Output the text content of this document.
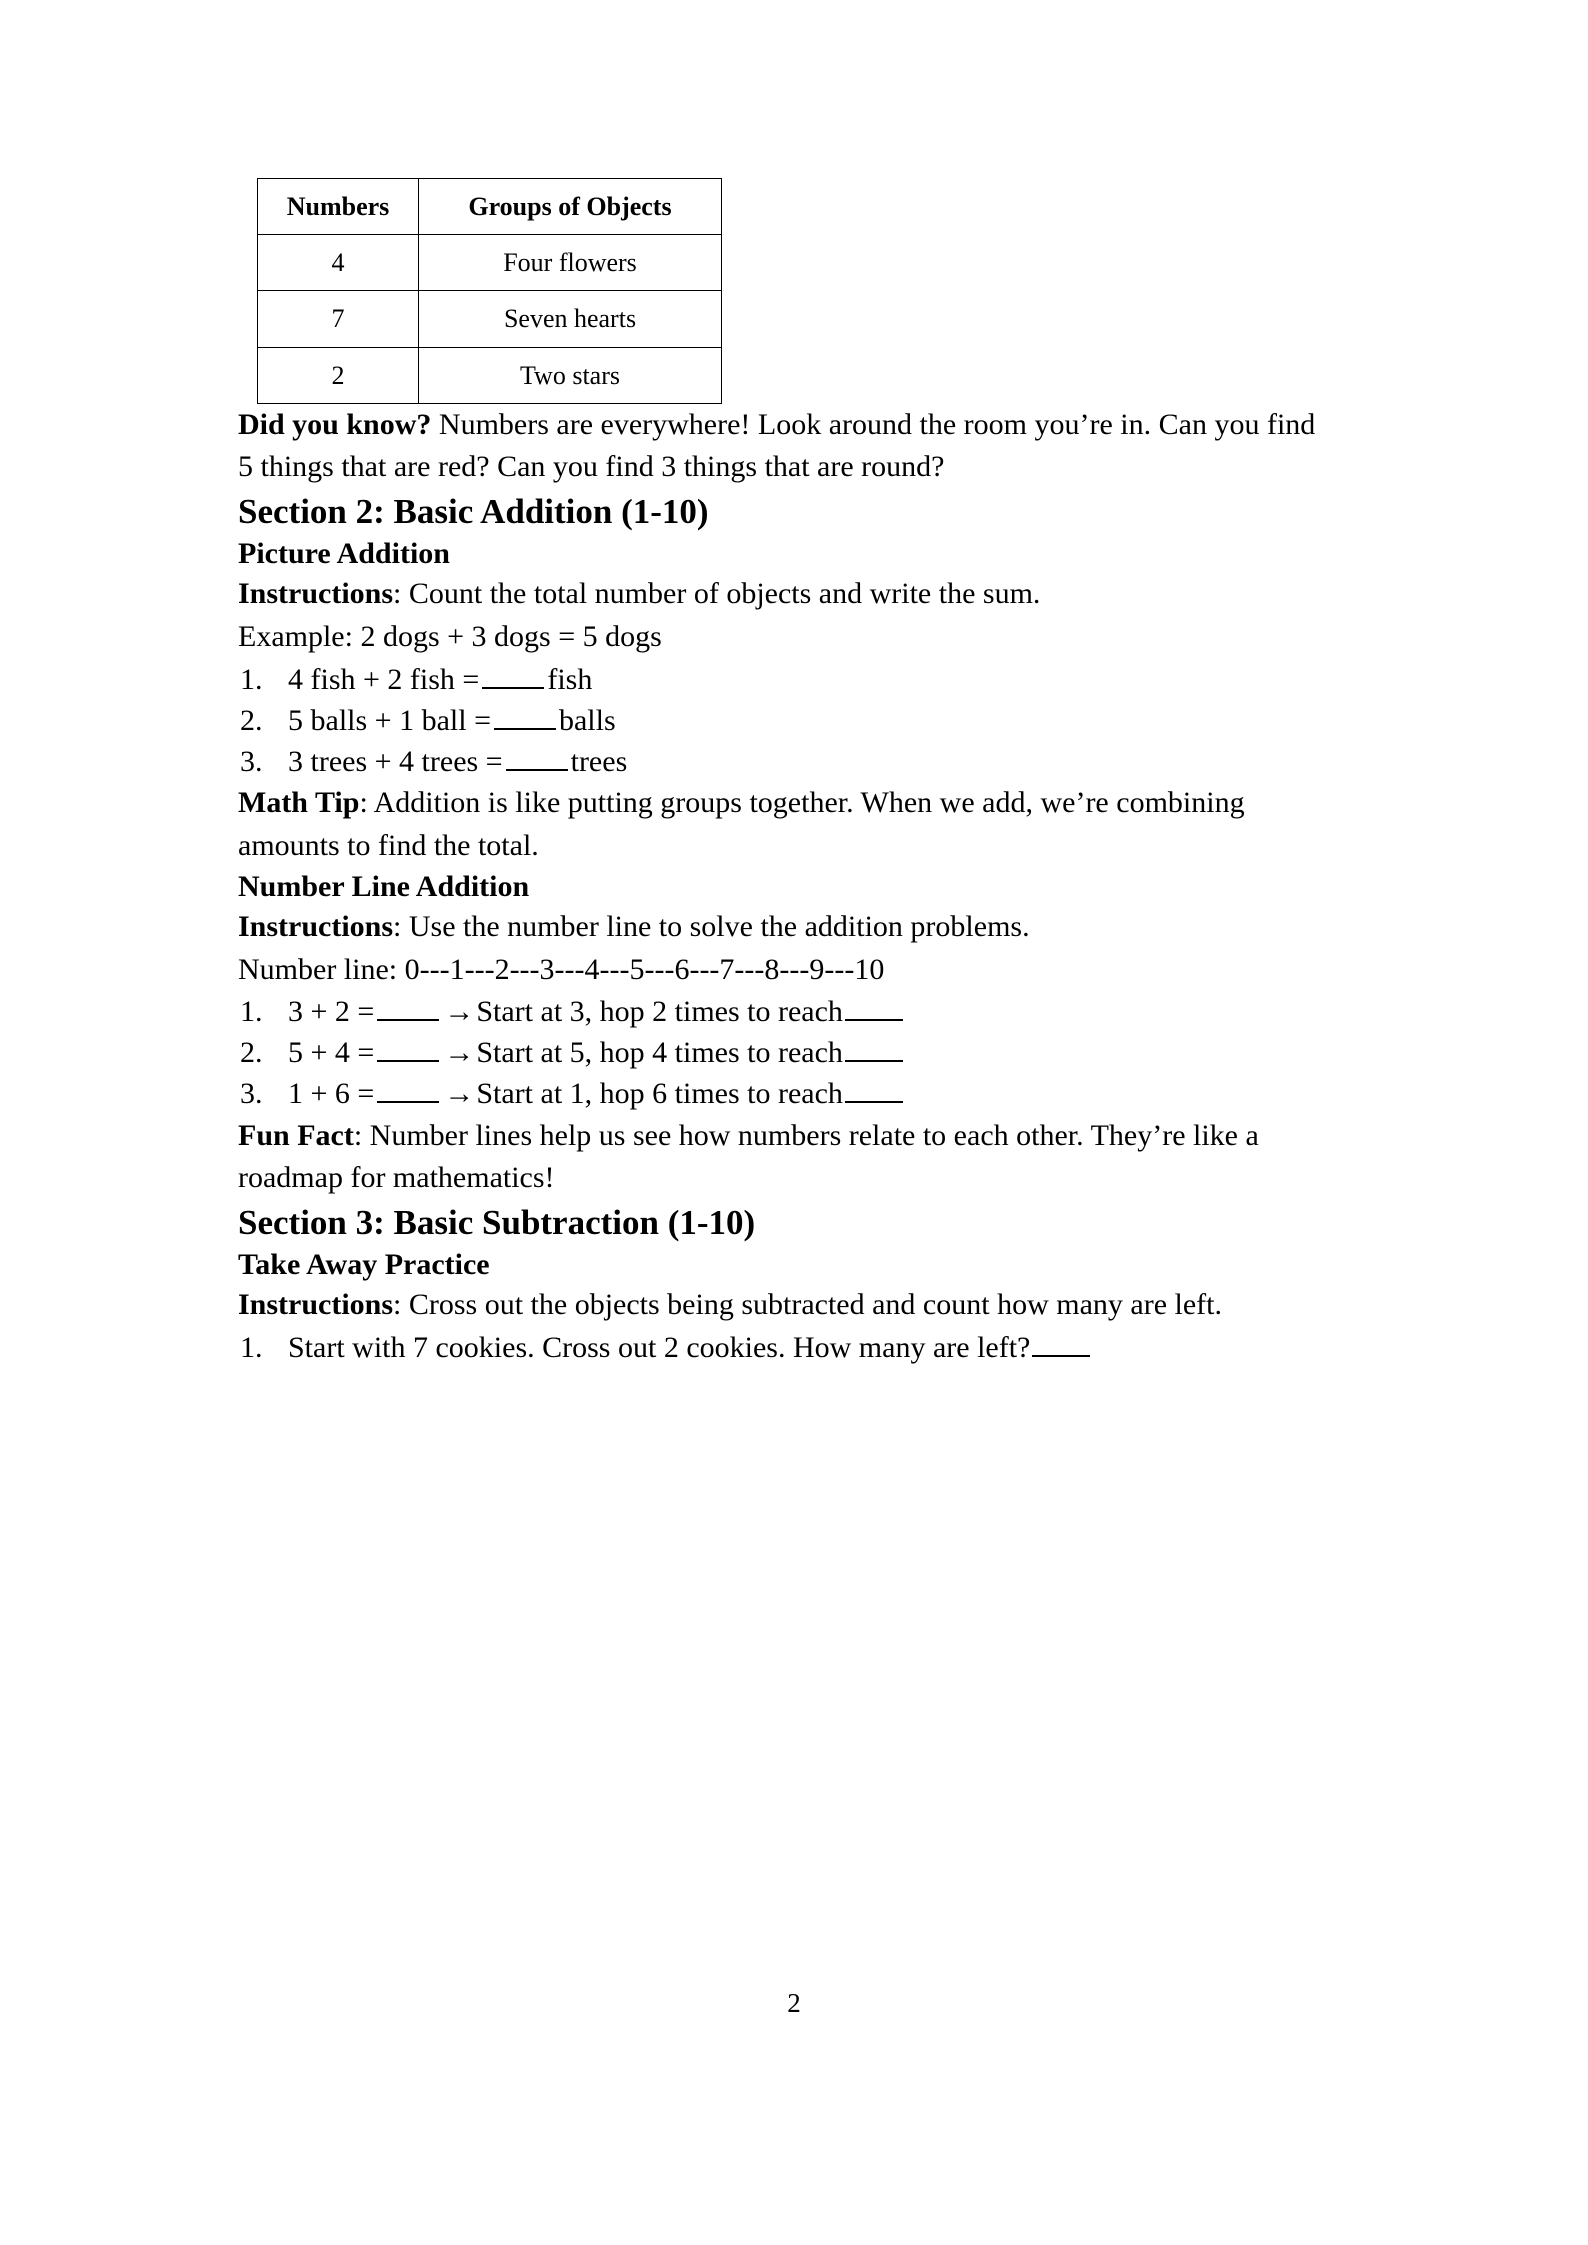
Numbers	Groups of Objects
4	Four flowers
7	Seven hearts
2	Two stars

Did you know? Numbers are everywhere! Look around the room you’re in. Can you find 5 things that are red? Can you find 3 things that are round?

Section 2: Basic Addition (1-10)
Picture Addition

Instructions: Count the total number of objects and write the sum.

Example: 2 dogs + 3 dogs = 5 dogs

1. 4 fish + 2 fish = fish
2. 5 balls + 1 ball = balls
3. 3 trees + 4 trees = trees

Math Tip: Addition is like putting groups together. When we add, we’re combining amounts to find the total.

Number Line Addition

Instructions: Use the number line to solve the addition problems.

Number line: 0---1---2---3---4---5---6---7---8---9---10

1. 3 + 2 = →Start at 3, hop 2 times to reach
2. 5 + 4 = →Start at 5, hop 4 times to reach
3. 1 + 6 = →Start at 1, hop 6 times to reach

Fun Fact: Number lines help us see how numbers relate to each other. They’re like a roadmap for mathematics!

Section 3: Basic Subtraction (1-10)
Take Away Practice

Instructions: Cross out the objects being subtracted and count how many are left.

1. Start with 7 cookies. Cross out 2 cookies. How many are left?
2
